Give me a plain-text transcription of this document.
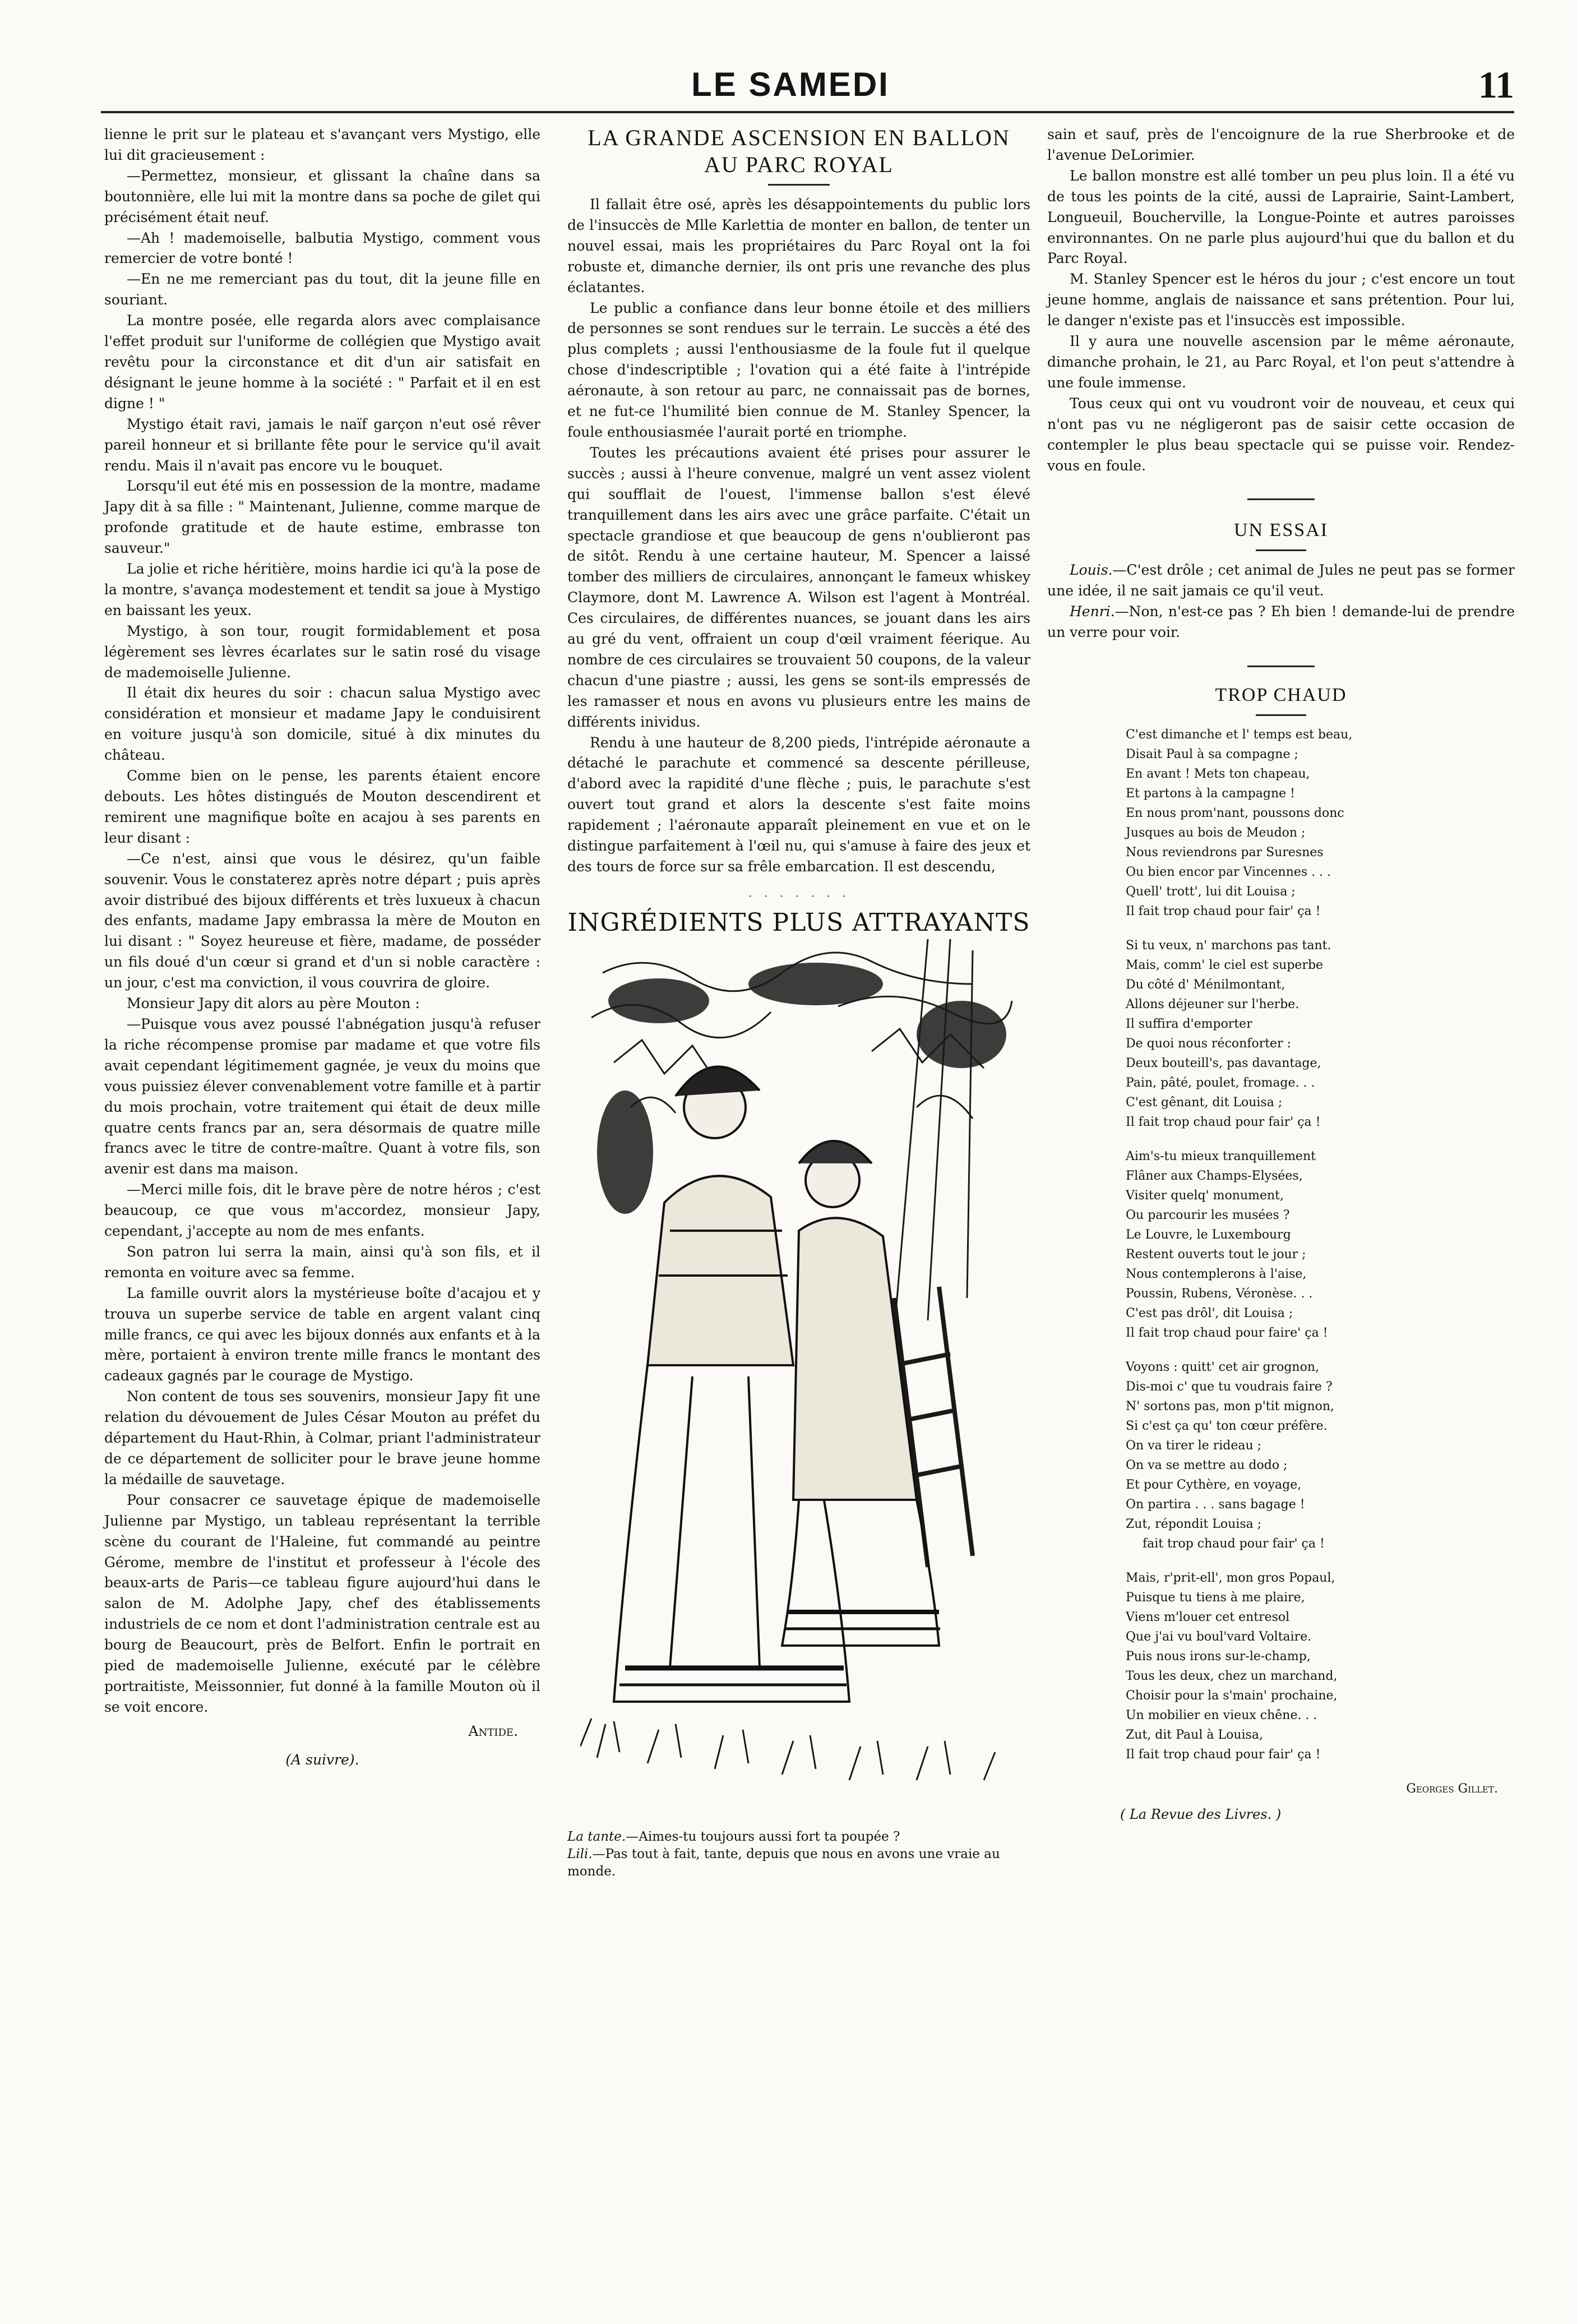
LE SAMEDI	11

lienne le prit sur le plateau et s'avançant vers Mystigo, elle lui dit gracieusement :

—Permettez, monsieur, et glissant la chaîne dans sa boutonnière, elle lui mit la montre dans sa poche de gilet qui précisément était neuf.

—Ah ! mademoiselle, balbutia Mystigo, comment vous remercier de votre bonté !

—En ne me remerciant pas du tout, dit la jeune fille en souriant.

La montre posée, elle regarda alors avec complaisance l'effet produit sur l'uniforme de collégien que Mystigo avait revêtu pour la circonstance et dit d'un air satisfait en désignant le jeune homme à la société : " Parfait et il en est digne ! "

Mystigo était ravi, jamais le naïf garçon n'eut osé rêver pareil honneur et si brillante fête pour le service qu'il avait rendu. Mais il n'avait pas encore vu le bouquet.

Lorsqu'il eut été mis en possession de la montre, madame Japy dit à sa fille : " Maintenant, Julienne, comme marque de profonde gratitude et de haute estime, embrasse ton sauveur."

La jolie et riche héritière, moins hardie ici qu'à la pose de la montre, s'avança modestement et tendit sa joue à Mystigo en baissant les yeux.

Mystigo, à son tour, rougit formidablement et posa légèrement ses lèvres écarlates sur le satin rosé du visage de mademoiselle Julienne.

Il était dix heures du soir : chacun salua Mystigo avec considération et monsieur et madame Japy le conduisirent en voiture jusqu'à son domicile, situé à dix minutes du château.

Comme bien on le pense, les parents étaient encore debouts. Les hôtes distingués de Mouton descendirent et remirent une magnifique boîte en acajou à ses parents en leur disant :

—Ce n'est, ainsi que vous le désirez, qu'un faible souvenir. Vous le constaterez après notre départ ; puis après avoir distribué des bijoux différents et très luxueux à chacun des enfants, madame Japy embrassa la mère de Mouton en lui disant : " Soyez heureuse et fière, madame, de posséder un fils doué d'un cœur si grand et d'un si noble caractère : un jour, c'est ma conviction, il vous couvrira de gloire.

Monsieur Japy dit alors au père Mouton :

—Puisque vous avez poussé l'abnégation jusqu'à refuser la riche récompense promise par madame et que votre fils avait cependant légitimement gagnée, je veux du moins que vous puissiez élever convenablement votre famille et à partir du mois prochain, votre traitement qui était de deux mille quatre cents francs par an, sera désormais de quatre mille francs avec le titre de contre-maître. Quant à votre fils, son avenir est dans ma maison.

—Merci mille fois, dit le brave père de notre héros ; c'est beaucoup, ce que vous m'accordez, monsieur Japy, cependant, j'accepte au nom de mes enfants.

Son patron lui serra la main, ainsi qu'à son fils, et il remonta en voiture avec sa femme.

La famille ouvrit alors la mystérieuse boîte d'acajou et y trouva un superbe service de table en argent valant cinq mille francs, ce qui avec les bijoux donnés aux enfants et à la mère, portaient à environ trente mille francs le montant des cadeaux gagnés par le courage de Mystigo.

Non content de tous ses souvenirs, monsieur Japy fit une relation du dévouement de Jules César Mouton au préfet du département du Haut-Rhin, à Colmar, priant l'administrateur de ce département de solliciter pour le brave jeune homme la médaille de sauvetage.

Pour consacrer ce sauvetage épique de mademoiselle Julienne par Mystigo, un tableau représentant la terrible scène du courant de l'Haleine, fut commandé au peintre Gérome, membre de l'institut et professeur à l'école des beaux-arts de Paris—ce tableau figure aujourd'hui dans le salon de M. Adolphe Japy, chef des établissements industriels de ce nom et dont l'administration centrale est au bourg de Beaucourt, près de Belfort. Enfin le portrait en pied de mademoiselle Julienne, exécuté par le célèbre portraitiste, Meissonnier, fut donné à la famille Mouton où il se voit encore.

Antide.
(A suivre).
LA GRANDE ASCENSION EN BALLON
AU PARC ROYAL

Il fallait être osé, après les désappointements du public lors de l'insuccès de Mlle Karlettia de monter en ballon, de tenter un nouvel essai, mais les propriétaires du Parc Royal ont la foi robuste et, dimanche dernier, ils ont pris une revanche des plus éclatantes.

Le public a confiance dans leur bonne étoile et des milliers de personnes se sont rendues sur le terrain. Le succès a été des plus complets ; aussi l'enthousiasme de la foule fut il quelque chose d'indescriptible ; l'ovation qui a été faite à l'intrépide aéronaute, à son retour au parc, ne connaissait pas de bornes, et ne fut-ce l'humilité bien connue de M. Stanley Spencer, la foule enthousiasmée l'aurait porté en triomphe.

Toutes les précautions avaient été prises pour assurer le succès ; aussi à l'heure convenue, malgré un vent assez violent qui soufflait de l'ouest, l'immense ballon s'est élevé tranquillement dans les airs avec une grâce parfaite. C'était un spectacle grandiose et que beaucoup de gens n'oublieront pas de sitôt. Rendu à une certaine hauteur, M. Spencer a laissé tomber des milliers de circulaires, annonçant le fameux whiskey Claymore, dont M. Lawrence A. Wilson est l'agent à Montréal. Ces circulaires, de différentes nuances, se jouant dans les airs au gré du vent, offraient un coup d'œil vraiment féerique. Au nombre de ces circulaires se trouvaient 50 coupons, de la valeur chacun d'une piastre ; aussi, les gens se sont-ils empressés de les ramasser et nous en avons vu plusieurs entre les mains de différents inividus.

Rendu à une hauteur de 8,200 pieds, l'intrépide aéronaute a détaché le parachute et commencé sa descente périlleuse, d'abord avec la rapidité d'une flèche ; puis, le parachute s'est ouvert tout grand et alors la descente s'est faite moins rapidement ; l'aéronaute apparaît pleinement en vue et on le distingue parfaitement à l'œil nu, qui s'amuse à faire des jeux et des tours de force sur sa frêle embarcation. Il est descendu,

· · · · · · ·
INGRÉDIENTS PLUS ATTRAYANTS
La tante.—Aimes-tu toujours aussi fort ta poupée ?
Lili.—Pas tout à fait, tante, depuis que nous en avons une vraie au monde.

sain et sauf, près de l'encoignure de la rue Sherbrooke et de l'avenue DeLorimier.

Le ballon monstre est allé tomber un peu plus loin. Il a été vu de tous les points de la cité, aussi de Laprairie, Saint-Lambert, Longueuil, Boucherville, la Longue-Pointe et autres paroisses environnantes. On ne parle plus aujourd'hui que du ballon et du Parc Royal.

M. Stanley Spencer est le héros du jour ; c'est encore un tout jeune homme, anglais de naissance et sans prétention. Pour lui, le danger n'existe pas et l'insuccès est impossible.

Il y aura une nouvelle ascension par le même aéronaute, dimanche prohain, le 21, au Parc Royal, et l'on peut s'attendre à une foule immense.

Tous ceux qui ont vu voudront voir de nouveau, et ceux qui n'ont pas vu ne négligeront pas de saisir cette occasion de contempler le plus beau spectacle qui se puisse voir. Rendez-vous en foule.

UN ESSAI

Louis.—C'est drôle ; cet animal de Jules ne peut pas se former une idée, il ne sait jamais ce qu'il veut.

Henri.—Non, n'est-ce pas ? Eh bien ! demande-lui de prendre un verre pour voir.

TROP CHAUD
C'est dimanche et l' temps est beau,
Disait Paul à sa compagne ;
En avant ! Mets ton chapeau,
Et partons à la campagne !
En nous prom'nant, poussons donc
Jusques au bois de Meudon ;
Nous reviendrons par Suresnes
Ou bien encor par Vincennes . . .
Quell' trott', lui dit Louisa ;
Il fait trop chaud pour fair' ça !
Si tu veux, n' marchons pas tant.
Mais, comm' le ciel est superbe
Du côté d' Ménilmontant,
Allons déjeuner sur l'herbe.
Il suffira d'emporter
De quoi nous réconforter :
Deux bouteill's, pas davantage,
Pain, pâté, poulet, fromage. . .
C'est gênant, dit Louisa ;
Il fait trop chaud pour fair' ça !
Aim's-tu mieux tranquillement
Flâner aux Champs-Elysées,
Visiter quelq' monument,
Ou parcourir les musées ?
Le Louvre, le Luxembourg
Restent ouverts tout le jour ;
Nous contemplerons à l'aise,
Poussin, Rubens, Véronèse. . .
C'est pas drôl', dit Louisa ;
Il fait trop chaud pour faire' ça !
Voyons : quitt' cet air grognon,
Dis-moi c' que tu voudrais faire ?
N' sortons pas, mon p'tit mignon,
Si c'est ça qu' ton cœur préfère.
On va tirer le rideau ;
On va se mettre au dodo ;
Et pour Cythère, en voyage,
On partira . . . sans bagage !
Zut, répondit Louisa ;
fait trop chaud pour fair' ça !
Mais, r'prit-ell', mon gros Popaul,
Puisque tu tiens à me plaire,
Viens m'louer cet entresol
Que j'ai vu boul'vard Voltaire.
Puis nous irons sur-le-champ,
Tous les deux, chez un marchand,
Choisir pour la s'main' prochaine,
Un mobilier en vieux chêne. . .
Zut, dit Paul à Louisa,
Il fait trop chaud pour fair' ça !
Georges Gillet.
( La Revue des Livres. )
